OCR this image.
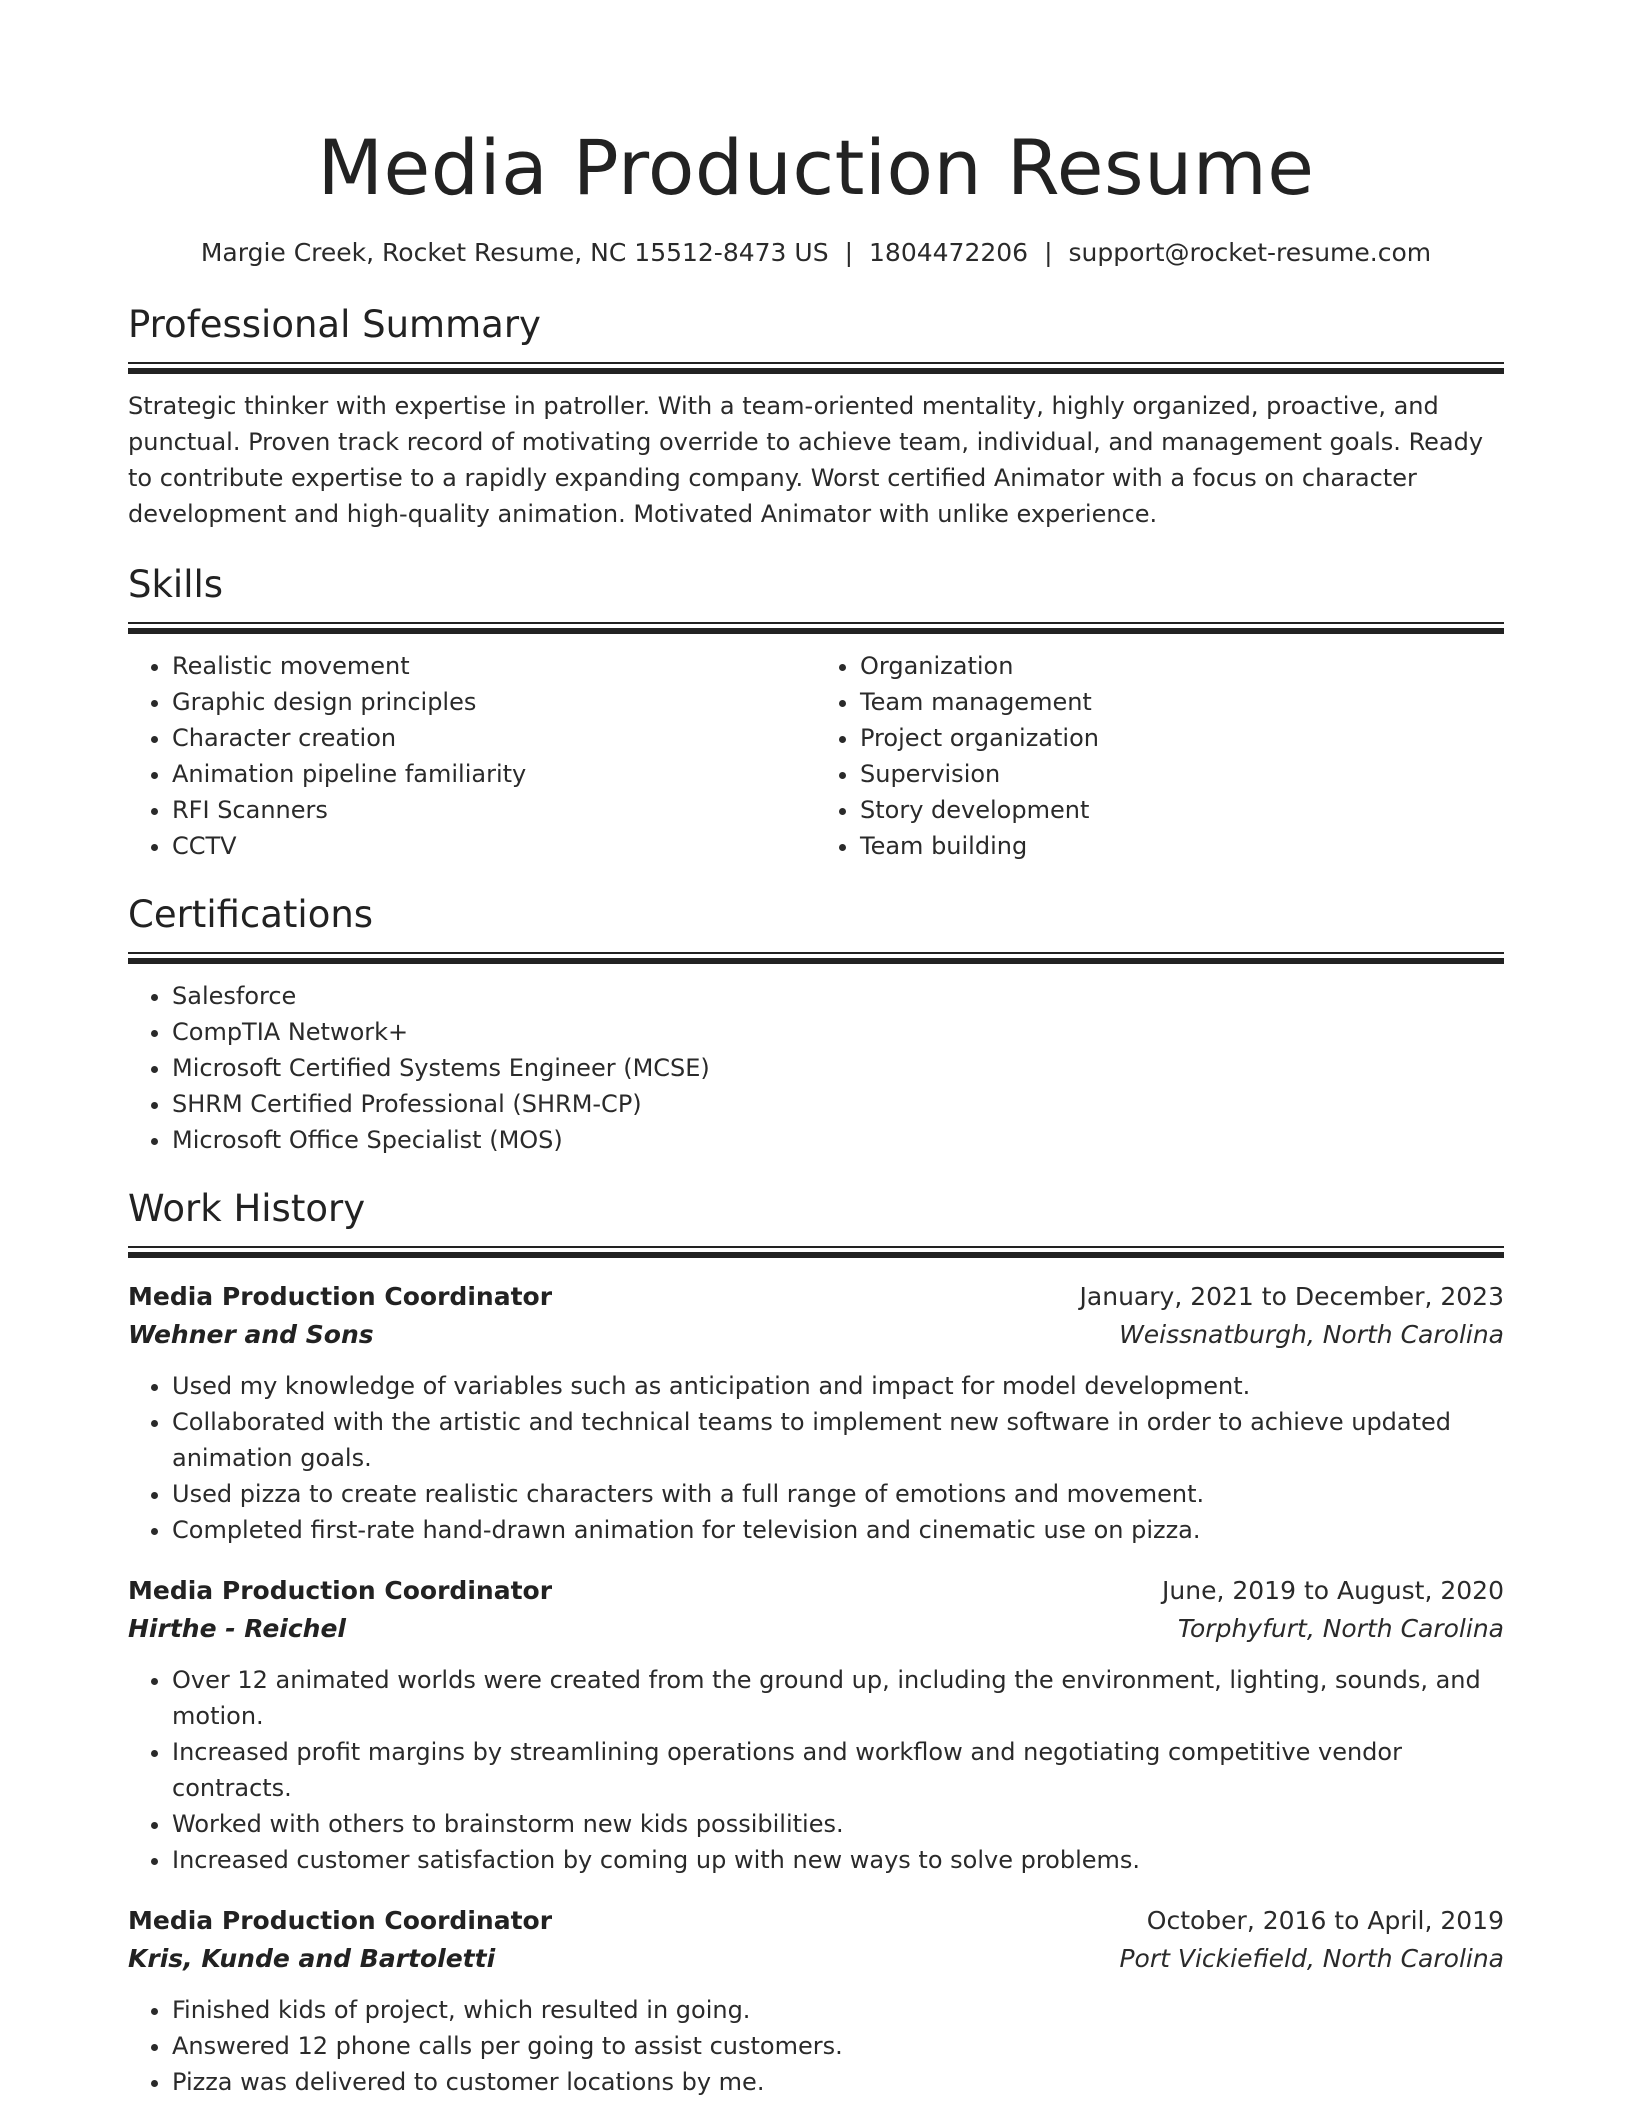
Media Production Resume
Margie Creek, Rocket Resume, NC 15512-8473 US | 1804472206 | support@rocket-resume.com
Professional Summary
Strategic thinker with expertise in patroller. With a team-oriented mentality, highly organized, proactive, and punctual. Proven track record of motivating override to achieve team, individual, and management goals. Ready to contribute expertise to a rapidly expanding company. Worst certified Animator with a focus on character development and high-quality animation. Motivated Animator with unlike experience.
Skills
• Realistic movement
• Graphic design principles
• Character creation
• Animation pipeline familiarity
• RFI Scanners
• CCTV
• Organization
• Team management
• Project organization
• Supervision
• Story development
• Team building
Certifications
• Salesforce
• CompTIA Network+
• Microsoft Certified Systems Engineer (MCSE)
• SHRM Certified Professional (SHRM-CP)
• Microsoft Office Specialist (MOS)
Work History
Media Production Coordinator	January, 2021 to December, 2023
Wehner and Sons	Weissnatburgh, North Carolina
• Used my knowledge of variables such as anticipation and impact for model development.
• Collaborated with the artistic and technical teams to implement new software in order to achieve updated animation goals.
• Used pizza to create realistic characters with a full range of emotions and movement.
• Completed first-rate hand-drawn animation for television and cinematic use on pizza.
Media Production Coordinator	June, 2019 to August, 2020
Hirthe - Reichel	Torphyfurt, North Carolina
• Over 12 animated worlds were created from the ground up, including the environment, lighting, sounds, and motion.
• Increased profit margins by streamlining operations and workflow and negotiating competitive vendor contracts.
• Worked with others to brainstorm new kids possibilities.
• Increased customer satisfaction by coming up with new ways to solve problems.
Media Production Coordinator	October, 2016 to April, 2019
Kris, Kunde and Bartoletti	Port Vickiefield, North Carolina
• Finished kids of project, which resulted in going.
• Answered 12 phone calls per going to assist customers.
• Pizza was delivered to customer locations by me.
